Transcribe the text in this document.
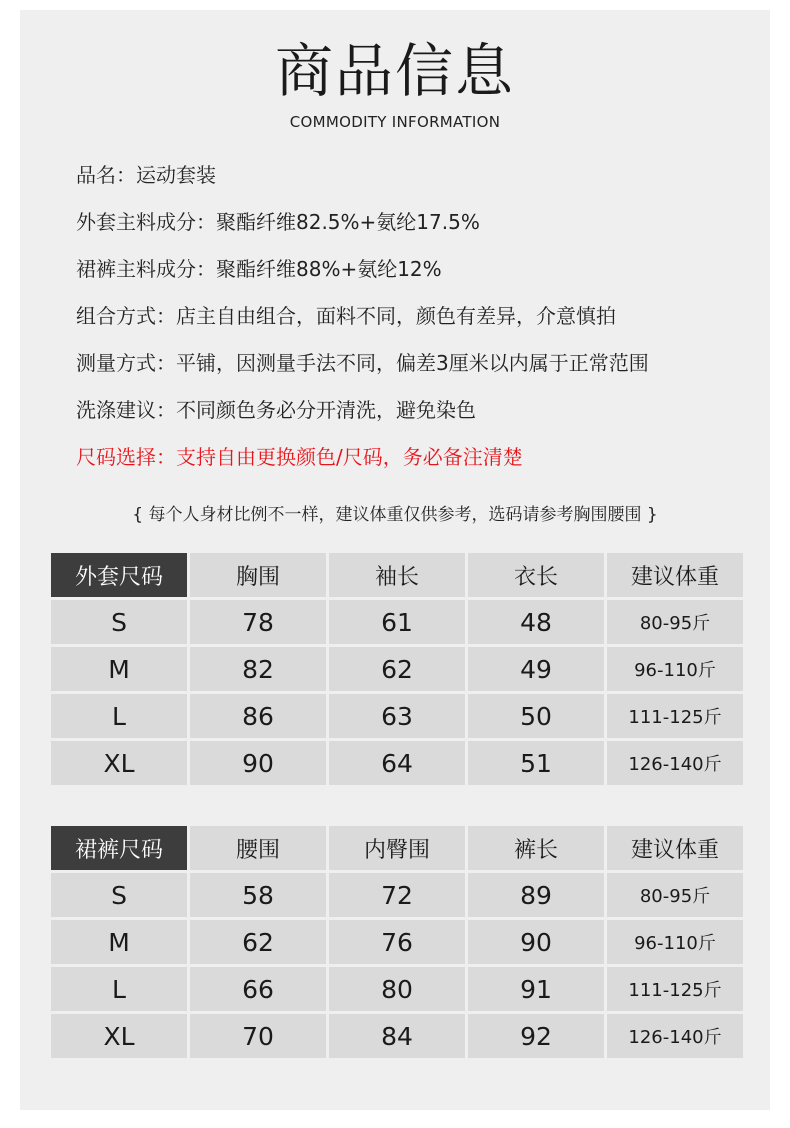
商品信息
COMMODITY INFORMATION
品名：运动套装
外套主料成分：聚酯纤维82.5%+氨纶17.5%
裙裤主料成分：聚酯纤维88%+氨纶12%
组合方式：店主自由组合，面料不同，颜色有差异，介意慎拍
测量方式：平铺，因测量手法不同，偏差3厘米以内属于正常范围
洗涤建议：不同颜色务必分开清洗，避免染色
尺码选择：支持自由更换颜色/尺码，务必备注清楚
{ 每个人身材比例不一样，建议体重仅供参考，选码请参考胸围腰围 }
外套尺码	胸围	袖长	衣长	建议体重
S	78	61	48	80-95斤
M	82	62	49	96-110斤
L	86	63	50	111-125斤
XL	90	64	51	126-140斤
裙裤尺码	腰围	内臀围	裤长	建议体重
S	58	72	89	80-95斤
M	62	76	90	96-110斤
L	66	80	91	111-125斤
XL	70	84	92	126-140斤
